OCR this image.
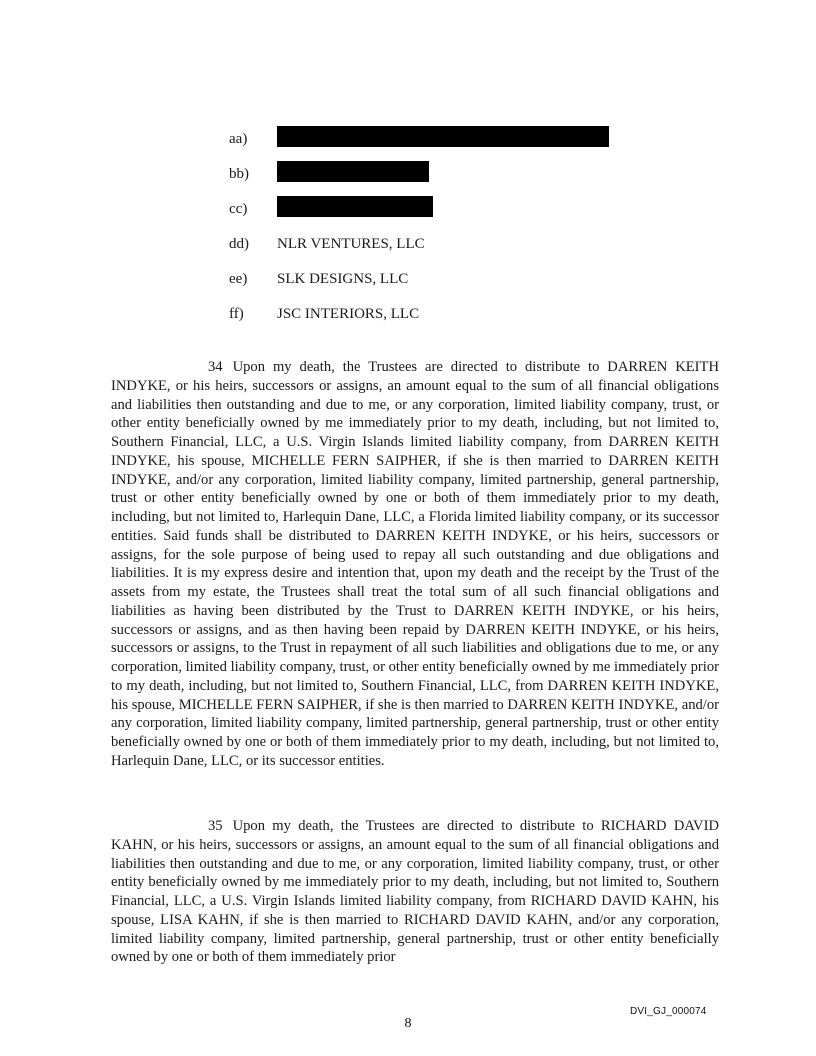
aa)
bb)
cc)
dd) NLR VENTURES, LLC
ee) SLK DESIGNS, LLC
ff) JSC INTERIORS, LLC

34 Upon my death, the Trustees are directed to distribute to DARREN KEITH INDYKE, or his heirs, successors or assigns, an amount equal to the sum of all financial obligations and liabilities then outstanding and due to me, or any corporation, limited liability company, trust, or other entity beneficially owned by me immediately prior to my death, including, but not limited to, Southern Financial, LLC, a U.S. Virgin Islands limited liability company, from DARREN KEITH INDYKE, his spouse, MICHELLE FERN SAIPHER, if she is then married to DARREN KEITH INDYKE, and/or any corporation, limited liability company, limited partnership, general partnership, trust or other entity beneficially owned by one or both of them immediately prior to my death, including, but not limited to, Harlequin Dane, LLC, a Florida limited liability company, or its successor entities. Said funds shall be distributed to DARREN KEITH INDYKE, or his heirs, successors or assigns, for the sole purpose of being used to repay all such outstanding and due obligations and liabilities. It is my express desire and intention that, upon my death and the receipt by the Trust of the assets from my estate, the Trustees shall treat the total sum of all such financial obligations and liabilities as having been distributed by the Trust to DARREN KEITH INDYKE, or his heirs, successors or assigns, and as then having been repaid by DARREN KEITH INDYKE, or his heirs, successors or assigns, to the Trust in repayment of all such liabilities and obligations due to me, or any corporation, limited liability company, trust, or other entity beneficially owned by me immediately prior to my death, including, but not limited to, Southern Financial, LLC, from DARREN KEITH INDYKE, his spouse, MICHELLE FERN SAIPHER, if she is then married to DARREN KEITH INDYKE, and/or any corporation, limited liability company, limited partnership, general partnership, trust or other entity beneficially owned by one or both of them immediately prior to my death, including, but not limited to, Harlequin Dane, LLC, or its successor entities.

35 Upon my death, the Trustees are directed to distribute to RICHARD DAVID KAHN, or his heirs, successors or assigns, an amount equal to the sum of all financial obligations and liabilities then outstanding and due to me, or any corporation, limited liability company, trust, or other entity beneficially owned by me immediately prior to my death, including, but not limited to, Southern Financial, LLC, a U.S. Virgin Islands limited liability company, from RICHARD DAVID KAHN, his spouse, LISA KAHN, if she is then married to RICHARD DAVID KAHN, and/or any corporation, limited liability company, limited partnership, general partnership, trust or other entity beneficially owned by one or both of them immediately prior

DVI_GJ_000074
8
